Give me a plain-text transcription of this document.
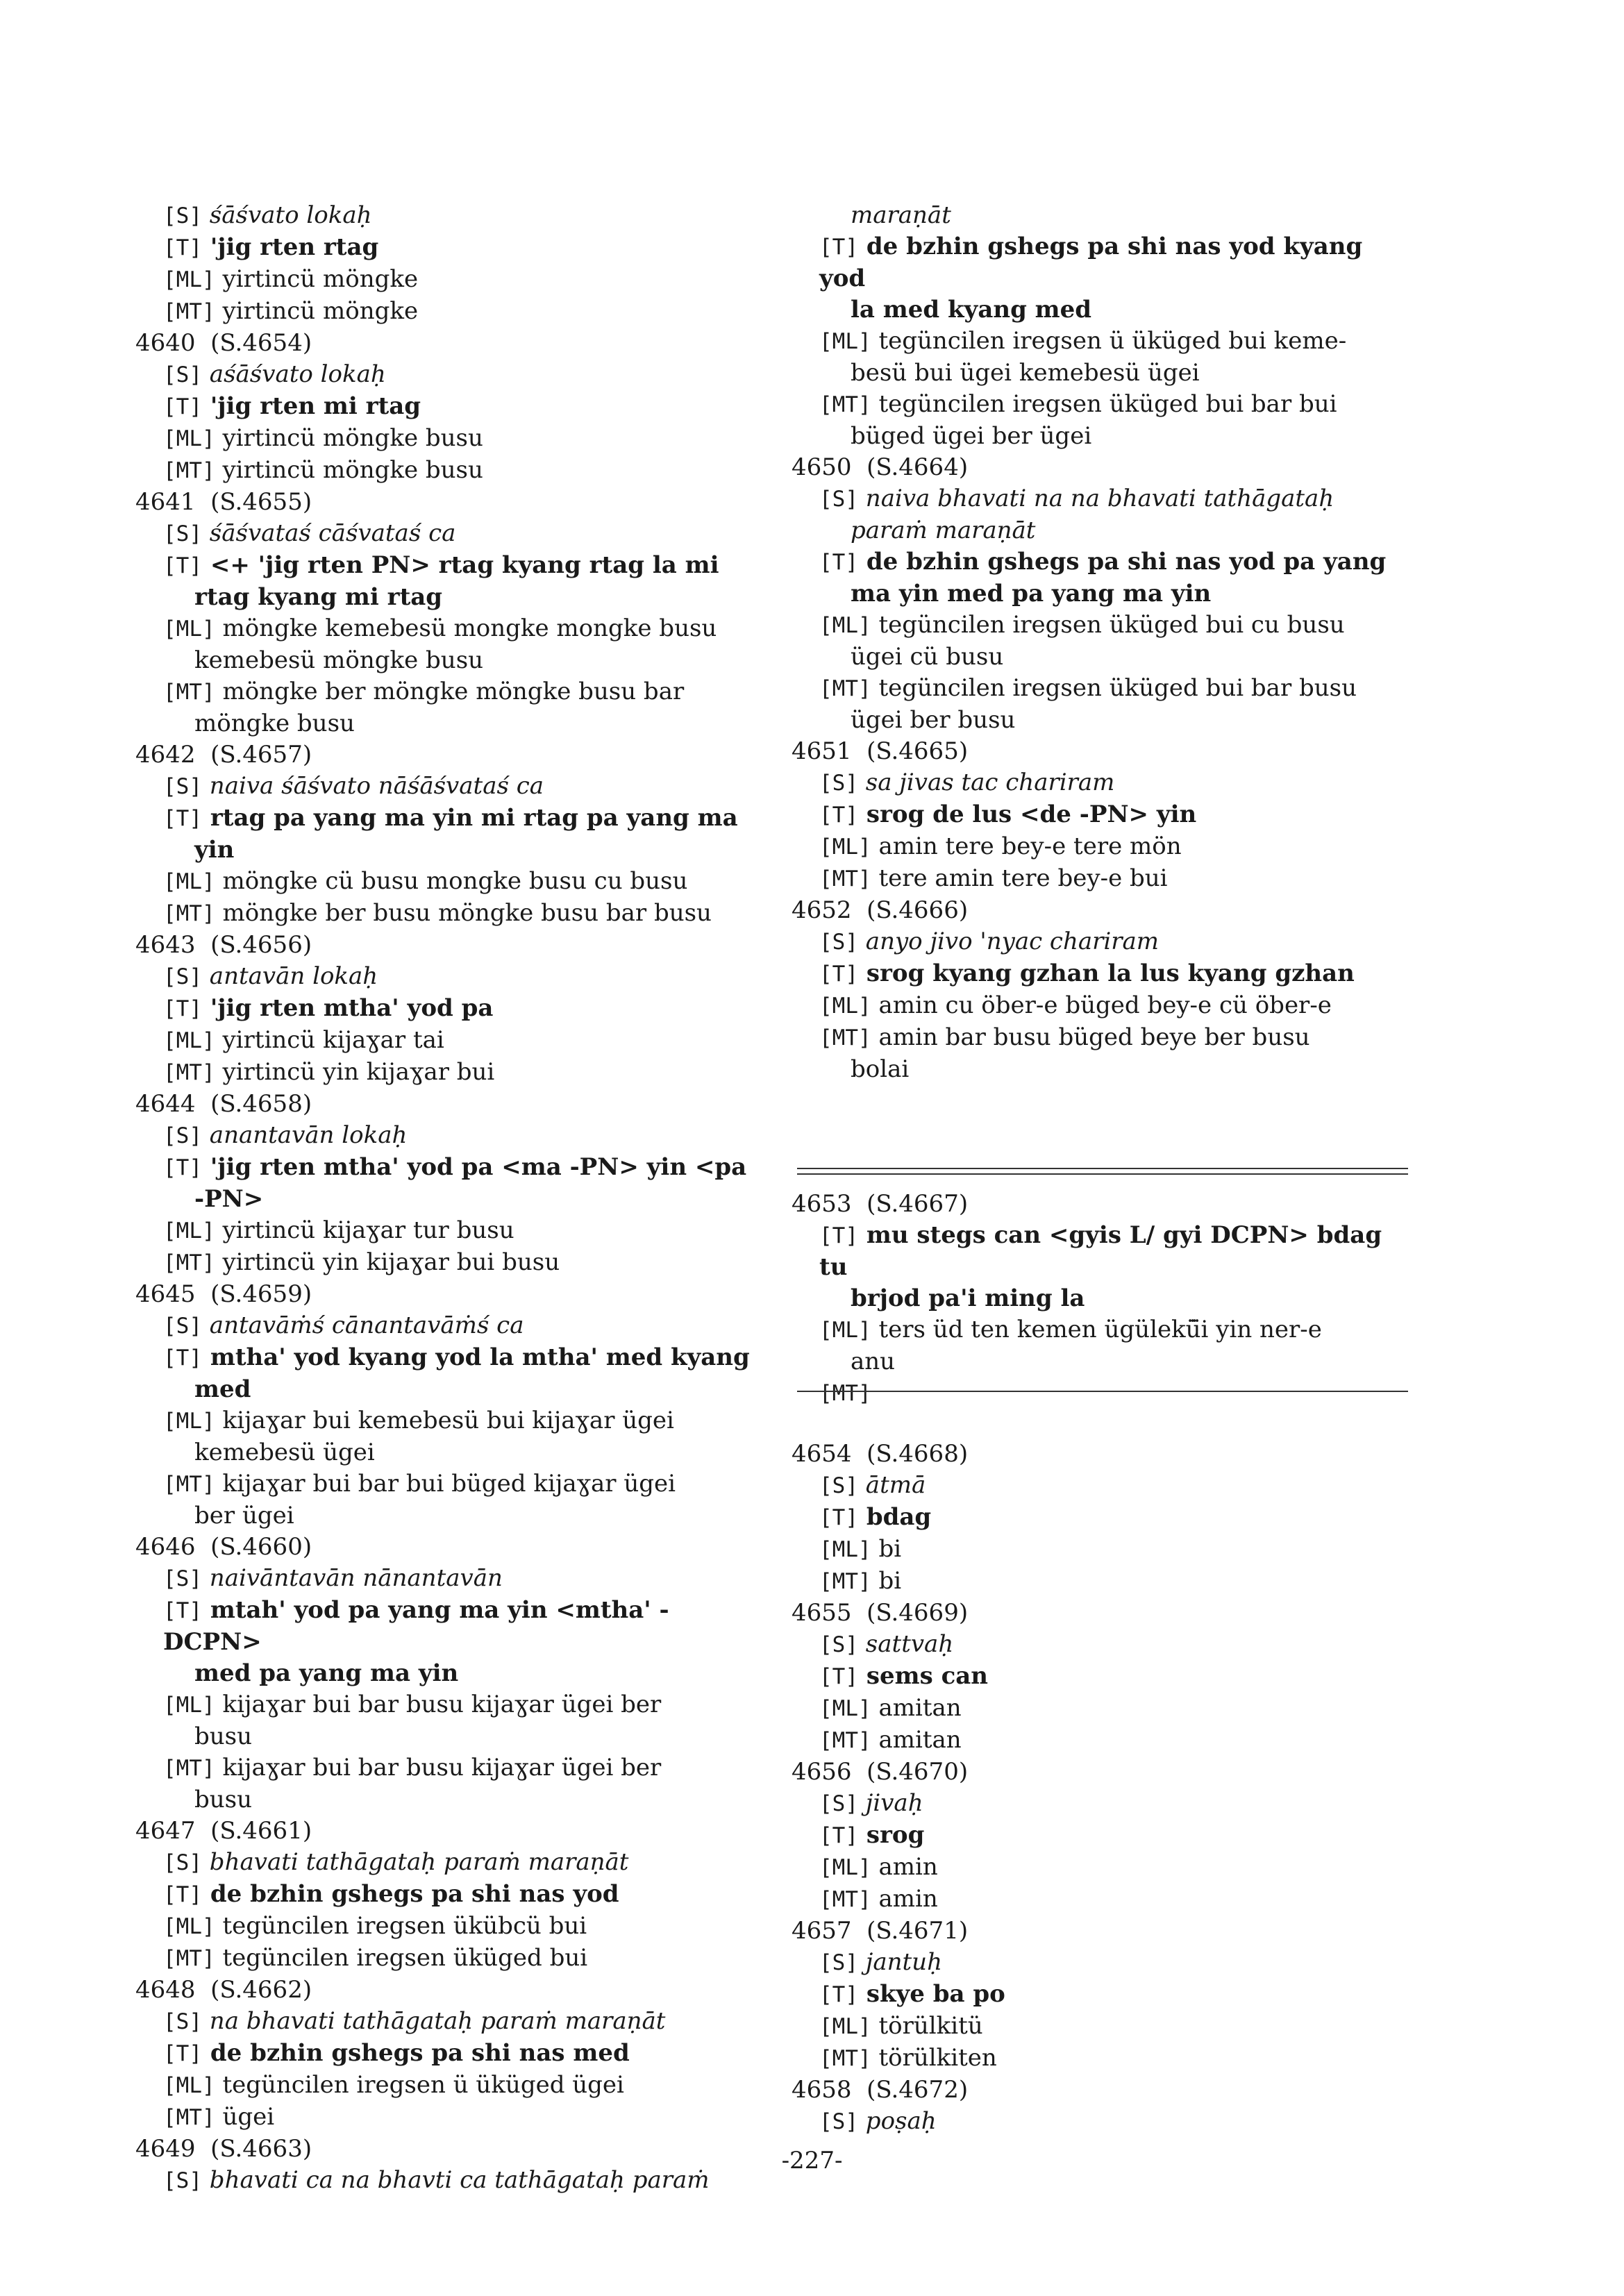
[S] śāśvato lokaḥ
[T] 'jig rten rtag
[ML] yirtincü möngke
[MT] yirtincü möngke
4640  (S.4654)
[S] aśāśvato lokaḥ
[T] 'jig rten mi rtag
[ML] yirtincü möngke busu
[MT] yirtincü möngke busu
4641  (S.4655)
[S] śāśvataś cāśvataś ca
[T] <+ 'jig rten PN> rtag kyang rtag la mi
rtag kyang mi rtag
[ML] möngke kemebesü mongke mongke busu
kemebesü möngke busu
[MT] möngke ber möngke möngke busu bar
möngke busu
4642  (S.4657)
[S] naiva śāśvato nāśāśvataś ca
[T] rtag pa yang ma yin mi rtag pa yang ma
yin
[ML] möngke cü busu mongke busu cu busu
[MT] möngke ber busu möngke busu bar busu
4643  (S.4656)
[S] antavān lokaḥ
[T] 'jig rten mtha' yod pa
[ML] yirtincü kijaɣar tai
[MT] yirtincü yin kijaɣar bui
4644  (S.4658)
[S] anantavān lokaḥ
[T] 'jig rten mtha' yod pa <ma -PN> yin <pa
-PN>
[ML] yirtincü kijaɣar tur busu
[MT] yirtincü yin kijaɣar bui busu
4645  (S.4659)
[S] antavāṁś cānantavāṁś ca
[T] mtha' yod kyang yod la mtha' med kyang
med
[ML] kijaɣar bui kemebesü bui kijaɣar ügei
kemebesü ügei
[MT] kijaɣar bui bar bui büged kijaɣar ügei
ber ügei
4646  (S.4660)
[S] naivāntavān nānantavān
[T] mtah' yod pa yang ma yin <mtha' -DCPN>
med pa yang ma yin
[ML] kijaɣar bui bar busu kijaɣar ügei ber
busu
[MT] kijaɣar bui bar busu kijaɣar ügei ber
busu
4647  (S.4661)
[S] bhavati tathāgataḥ paraṁ maraṇāt
[T] de bzhin gshegs pa shi nas yod
[ML] tegüncilen iregsen ükübcü bui
[MT] tegüncilen iregsen üküged bui
4648  (S.4662)
[S] na bhavati tathāgataḥ paraṁ maraṇāt
[T] de bzhin gshegs pa shi nas med
[ML] tegüncilen iregsen ü üküged ügei
[MT] ügei
4649  (S.4663)
[S] bhavati ca na bhavti ca tathāgataḥ paraṁ
maraṇāt
[T] de bzhin gshegs pa shi nas yod kyang yod
la med kyang med
[ML] tegüncilen iregsen ü üküged bui keme-
besü bui ügei kemebesü ügei
[MT] tegüncilen iregsen üküged bui bar bui
büged ügei ber ügei
4650  (S.4664)
[S] naiva bhavati na na bhavati tathāgataḥ
paraṁ maraṇāt
[T] de bzhin gshegs pa shi nas yod pa yang
ma yin med pa yang ma yin
[ML] tegüncilen iregsen üküged bui cu busu
ügei cü busu
[MT] tegüncilen iregsen üküged bui bar busu
ügei ber busu
4651  (S.4665)
[S] sa jivas tac chariram
[T] srog de lus <de -PN> yin
[ML] amin tere bey-e tere mön
[MT] tere amin tere bey-e bui
4652  (S.4666)
[S] anyo jivo 'nyac chariram
[T] srog kyang gzhan la lus kyang gzhan
[ML] amin cu öber-e büged bey-e cü öber-e
[MT] amin bar busu büged beye ber busu
bolai
4653  (S.4667)
[T] mu stegs can <gyis L/ gyi DCPN> bdag tu
brjod pa'i ming la
[ML] ters üd ten kemen ügülekü̈i yin ner-e
anu
[MT]
4654  (S.4668)
[S] ātmā
[T] bdag
[ML] bi
[MT] bi
4655  (S.4669)
[S] sattvaḥ
[T] sems can
[ML] amitan
[MT] amitan
4656  (S.4670)
[S] jivaḥ
[T] srog
[ML] amin
[MT] amin
4657  (S.4671)
[S] jantuḥ
[T] skye ba po
[ML] törülkitü
[MT] törülkiten
4658  (S.4672)
[S] poṣaḥ
-227-
